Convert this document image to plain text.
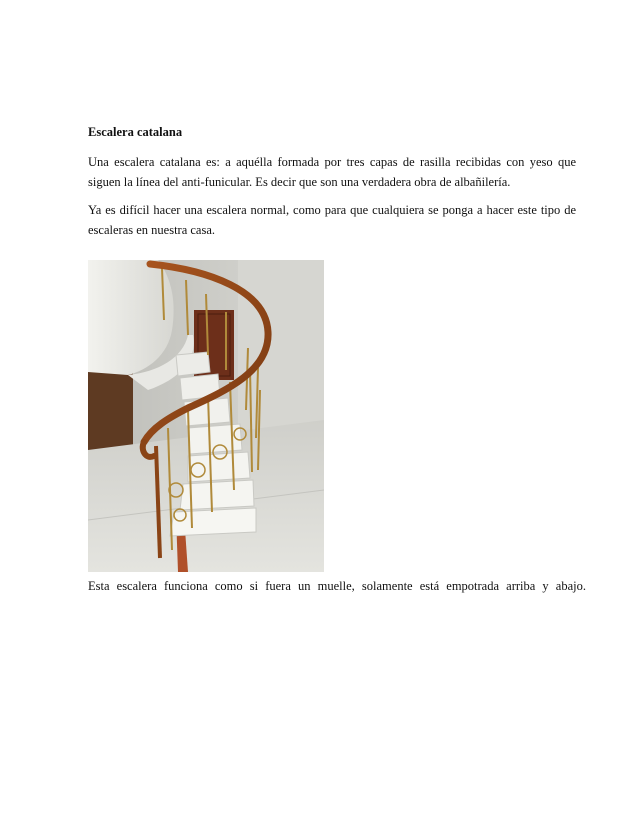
Escalera catalana

Una escalera catalana es: a aquélla formada por tres capas de rasilla recibidas con yeso que siguen la línea del anti-funicular. Es decir que son una verdadera obra de albañilería.

Ya es difícil hacer una escalera normal, como para que cualquiera se ponga a hacer este tipo de escaleras en nuestra casa.

Esta escalera funciona como si fuera un muelle, solamente está empotrada arriba y abajo.
